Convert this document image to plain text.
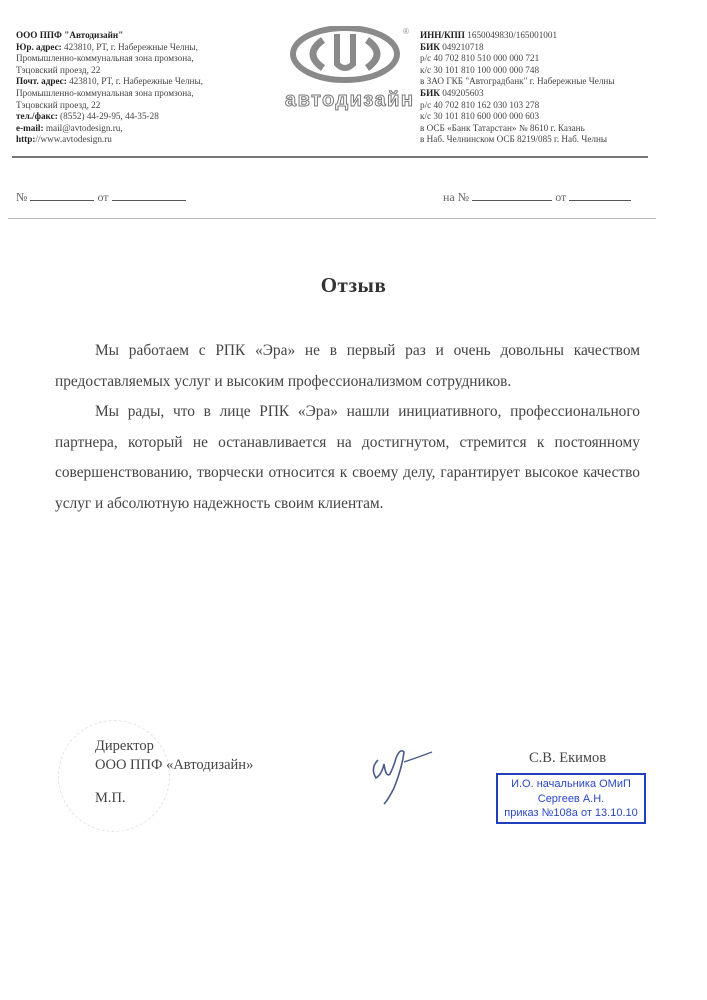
ООО ППФ "Автодизайн"
Юр. адрес: 423810, РТ, г. Набережные Челны,
Промышленно-коммунальная зона промзона,
Тэцовский проезд, 22
Почт. адрес: 423810, РТ, г. Набережные Челны,
Промышленно-коммунальная зона промзона,
Тэцовский проезд, 22
тел./факс: (8552) 44-29-95, 44-35-28
e-mail: mail@avtodesign.ru,
http://www.avtodesign.ru
®
автодизайн
ИНН/КПП 1650049830/165001001
БИК 049210718
р/с 40 702 810 510 000 000 721
к/с 30 101 810 100 000 000 748
в ЗАО ГКБ "Автоградбанк" г. Набережные Челны
БИК 049205603
р/с 40 702 810 162 030 103 278
к/с 30 101 810 600 000 000 603
в ОСБ «Банк Татарстан» № 8610 г. Казань
в Наб. Челнинском ОСБ 8219/085 г. Наб. Челны
№	от	на №	от
Отзыв

Мы работаем с РПК «Эра» не в первый раз и очень довольны качеством предоставляемых услуг и высоким профессионализмом сотрудников.

Мы рады, что в лице РПК «Эра» нашли инициативного, профессионального партнера, который не останавливается на достигнутом, стремится к постоянному совершенствованию, творчески относится к своему делу, гарантирует высокое качество услуг и абсолютную надежность своим клиентам.

Директор
ООО ППФ «Автодизайн»
М.П.
С.В. Екимов
И.О. начальника ОМиП
Сергеев А.Н.
приказ №108а от 13.10.10
